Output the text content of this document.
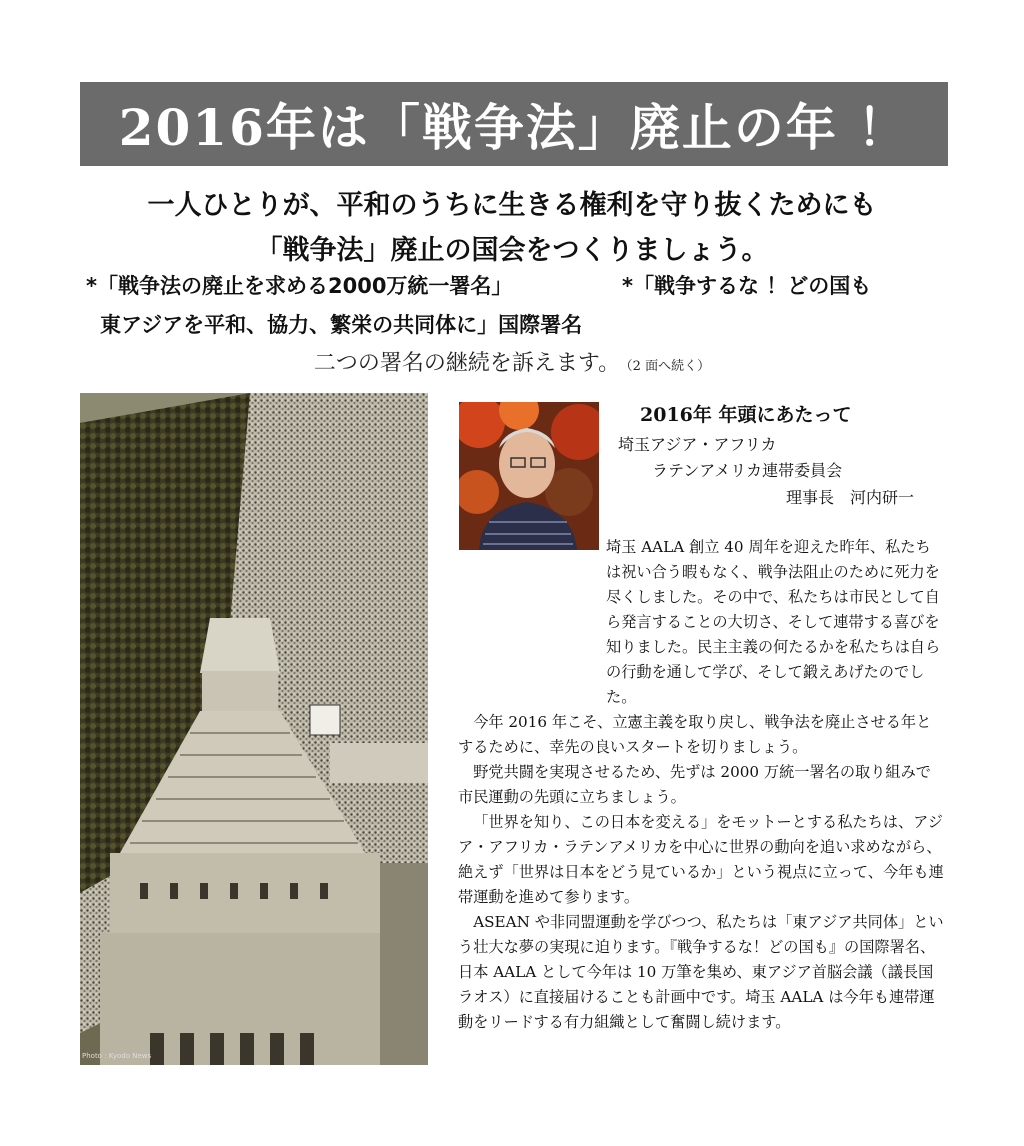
2016年は「戦争法」廃止の年 ！
一人ひとりが、平和のうちに生きる権利を守り抜くためにも
「戦争法」廃止の国会をつくりましょう。
*「戦争法の廃止を求める2000万統一署名」	*「戦争するな ！どの国も
東アジアを平和、協力、繁栄の共同体に」国際署名
二つの署名の継続を訴えます。 （2 面へ続く）
Photo : Kyodo News
2016年 年頭にあたって
埼玉アジア・アフリカ
ラテンアメリカ連帯委員会
理事長　河内研一

埼玉 AALA 創立 40 周年を迎えた昨年、私たちは祝い合う暇もなく、戦争法阻止のために死力を尽くしました。その中で、私たちは市民として自ら発言することの大切さ、そして連帯する喜びを知りました。民主主義の何たるかを私たちは自らの行動を通して学び、そして鍛えあげたのでした。

今年 2016 年こそ、立憲主義を取り戻し、戦争法を廃止させる年とするために、幸先の良いスタートを切りましょう。

野党共闘を実現させるため、先ずは 2000 万統一署名の取り組みで市民運動の先頭に立ちましょう。

「世界を知り、この日本を変える」をモットーとする私たちは、アジア・アフリカ・ラテンアメリカを中心に世界の動向を追い求めながら、絶えず「世界は日本をどう見ているか」という視点に立って、今年も連帯運動を進めて参ります。

ASEAN や非同盟運動を学びつつ、私たちは「東アジア共同体」という壮大な夢の実現に迫ります。『戦争するな！どの国も』の国際署名、日本 AALA として今年は 10 万筆を集め、東アジア首脳会議（議長国ラオス）に直接届けることも計画中です。埼玉 AALA は今年も連帯運動をリードする有力組織として奮闘し続けます。
